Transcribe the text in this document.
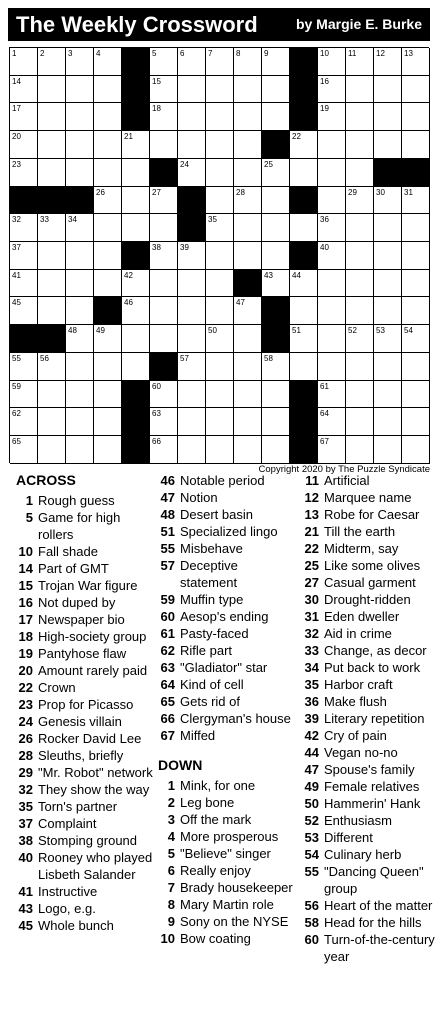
The Weekly Crossword	by Margie E. Burke
1	2	3	4	5	6	7	8	9	10 11 12 13
14	15	16
17	18	19
20	21	22
23	24	25
26	27	28	29 30 31
32 33 34	35	36
37	38 39	40
41	42	43 44
45	46	47
48 49	50	51	52 53 54
55 56	57	58
59	60	61
62	63	64
65	66	67
Copyright 2020 by The Puzzle Syndicate
ACROSS
1 Rough guess
5 Game for high rollers
10 Fall shade
14 Part of GMT
15 Trojan War figure
16 Not duped by
17 Newspaper bio
18 High-society group
19 Pantyhose flaw
20 Amount rarely paid
22 Crown
23 Prop for Picasso
24 Genesis villain
26 Rocker David Lee
28 Sleuths, briefly
29 "Mr. Robot" network
32 They show the way
35 Torn's partner
37 Complaint
38 Stomping ground
40 Rooney who played Lisbeth Salander
41 Instructive
43 Logo, e.g.
45 Whole bunch
46 Notable period
47 Notion
48 Desert basin
51 Specialized lingo
55 Misbehave
57 Deceptive statement
59 Muffin type
60 Aesop's ending
61 Pasty-faced
62 Rifle part
63 "Gladiator" star
64 Kind of cell
65 Gets rid of
66 Clergyman's house
67 Miffed
DOWN
1 Mink, for one
2 Leg bone
3 Off the mark
4 More prosperous
5 "Believe" singer
6 Really enjoy
7 Brady housekeeper
8 Mary Martin role
9 Sony on the NYSE
10 Bow coating
11 Artificial
12 Marquee name
13 Robe for Caesar
21 Till the earth
22 Midterm, say
25 Like some olives
27 Casual garment
30 Drought-ridden
31 Eden dweller
32 Aid in crime
33 Change, as decor
34 Put back to work
35 Harbor craft
36 Make flush
39 Literary repetition
42 Cry of pain
44 Vegan no-no
47 Spouse's family
49 Female relatives
50 Hammerin' Hank
52 Enthusiasm
53 Different
54 Culinary herb
55 "Dancing Queen" group
56 Heart of the matter
58 Head for the hills
60 Turn-of-the-century year
